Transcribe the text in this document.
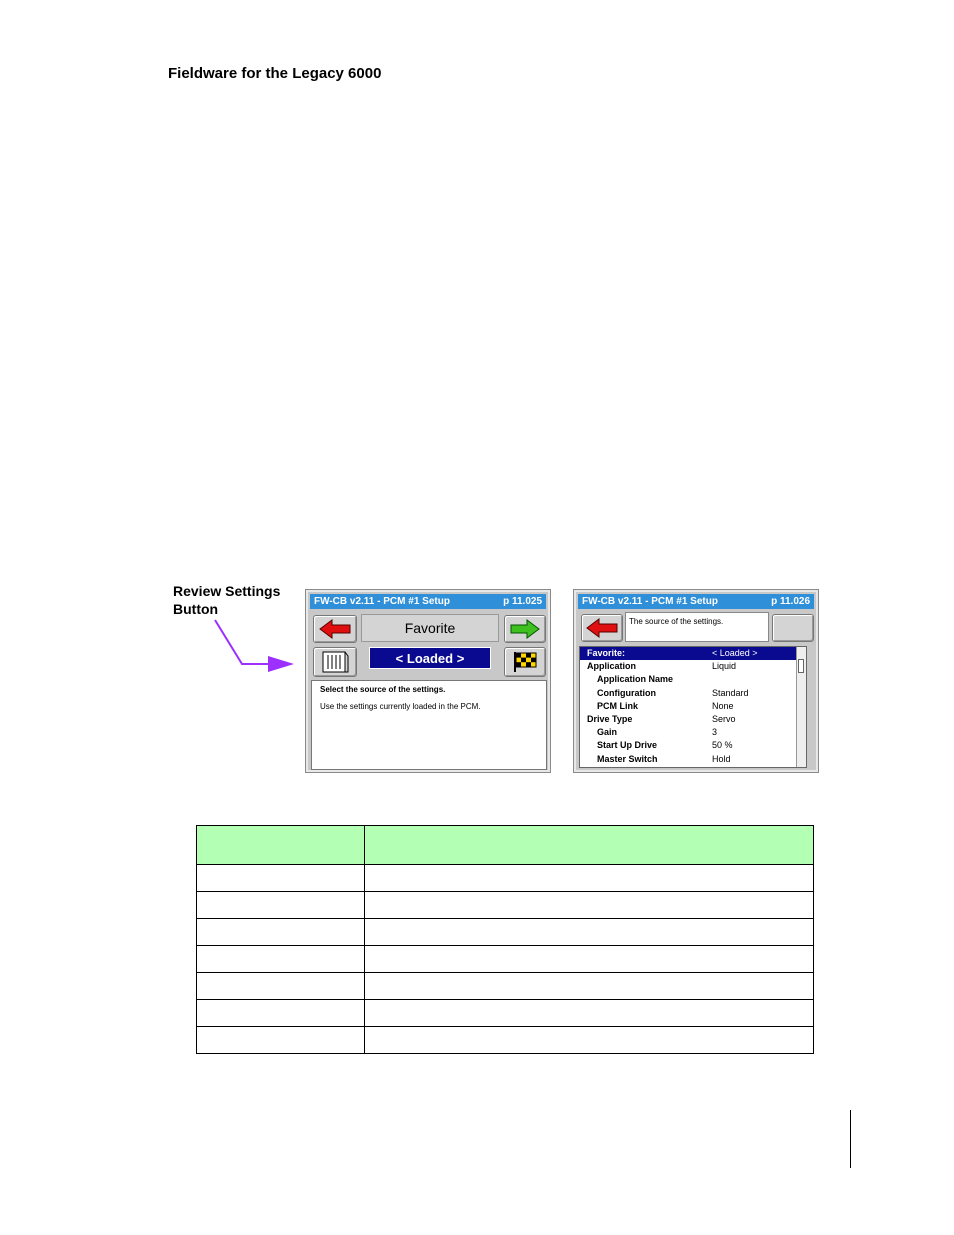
Fieldware for the Legacy 6000
Review Settings
Button	FW-CB v2.11 - PCM #1 Setup	p 11.025
Favorite
< Loaded >
Select the source of the settings.
Use the settings currently loaded in the PCM.
FW-CB v2.11 - PCM #1 Setup	p 11.026
The source of the settings.
Favorite:	< Loaded >
Application	Liquid
Application Name
Configuration	Standard
PCM Link	None
Drive Type	Servo
Gain	3
Start Up Drive	50 %
Master Switch	Hold
